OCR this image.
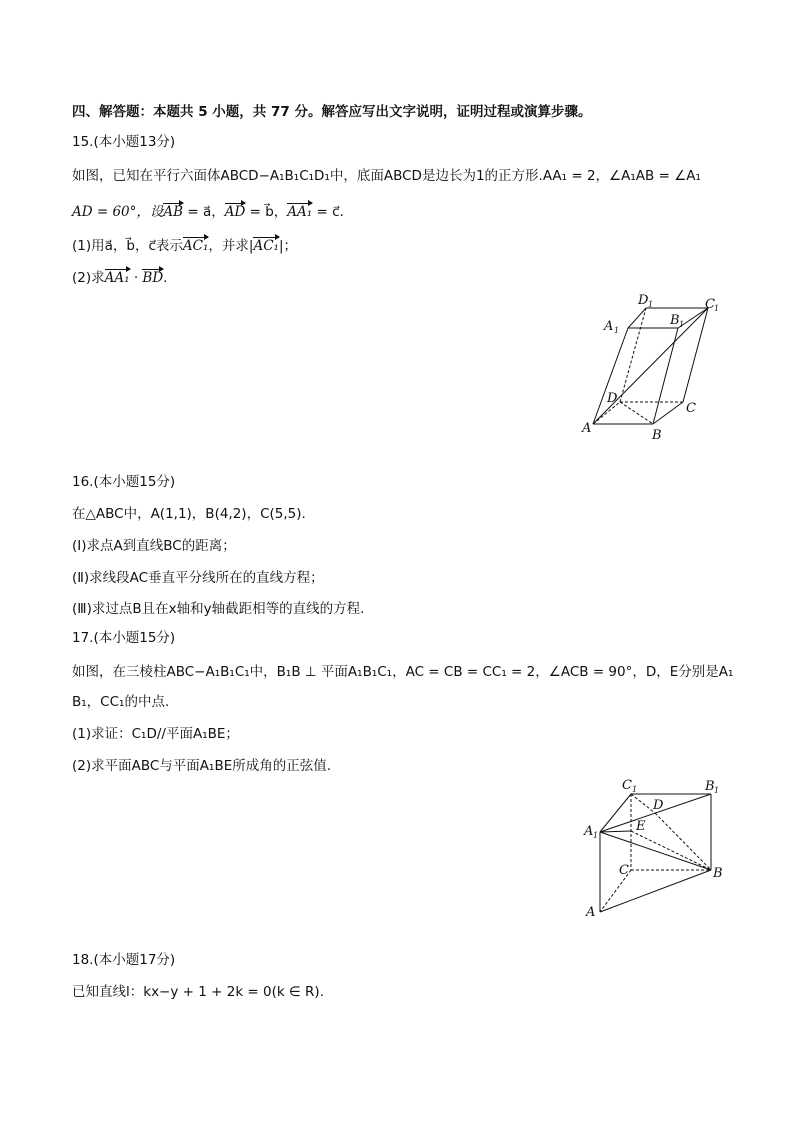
四、解答题：本题共 5 小题，共 77 分。解答应写出文字说明，证明过程或演算步骤。
15.(本小题13分)
如图，已知在平行六面体ABCD−A₁B₁C₁D₁中，底面ABCD是边长为1的正方形.AA₁ = 2，∠A₁AB = ∠A₁
AD = 60°，设AB = a⃗，AD = b⃗，AA₁ = c⃗.
(1)用a⃗，b⃗，c⃗表示AC₁，并求|AC₁|；
(2)求AA₁ · BD.
A	B
C
D
A 1
B 1
C 1
D 1
16.(本小题15分)
在△ABC中，A(1,1)，B(4,2)，C(5,5).
(Ⅰ)求点A到直线BC的距离；
(Ⅱ)求线段AC垂直平分线所在的直线方程；
(Ⅲ)求过点B且在x轴和y轴截距相等的直线的方程.
17.(本小题15分)
如图，在三棱柱ABC−A₁B₁C₁中，B₁B ⊥ 平面A₁B₁C₁，AC = CB = CC₁ = 2，∠ACB = 90°，D，E分别是A₁
B₁，CC₁的中点.
(1)求证：C₁D//平面A₁BE；
(2)求平面ABC与平面A₁BE所成角的正弦值.
C 1	B 1
D
E
A 1
C	B
A
18.(本小题17分)
已知直线l：kx−y + 1 + 2k = 0(k ∈ R).
